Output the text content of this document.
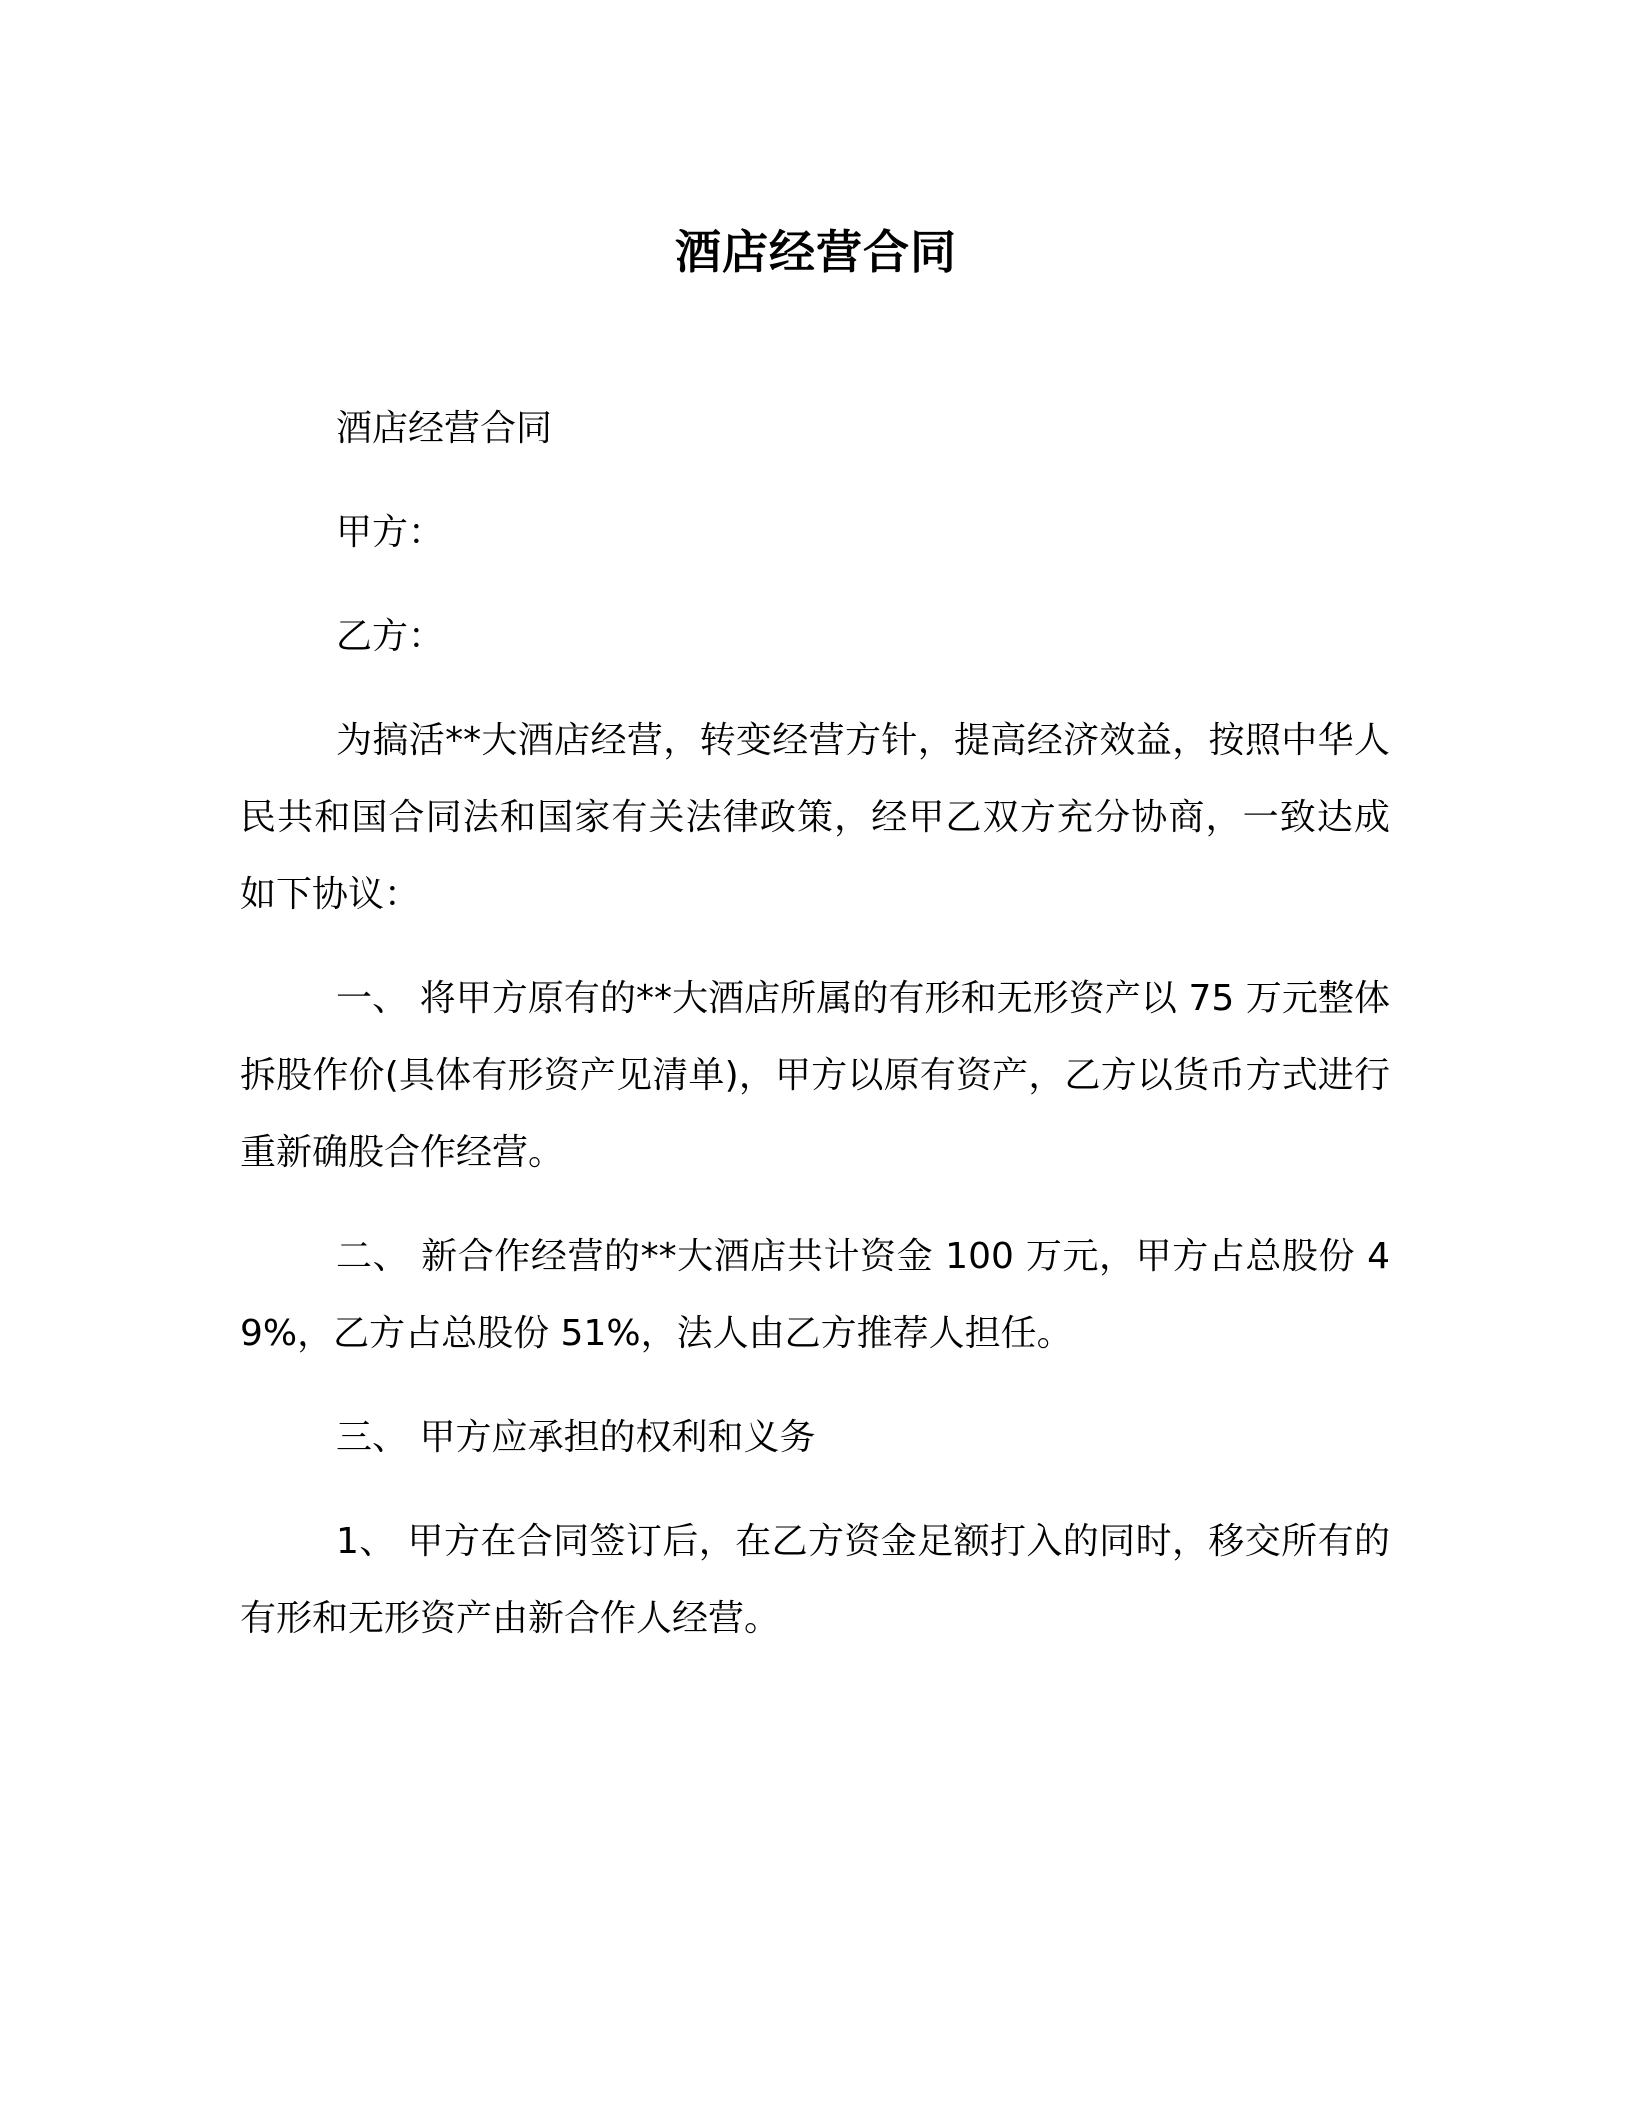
酒店经营合同

酒店经营合同

甲方：

乙方：

为搞活**大酒店经营，转变经营方针，提高经济效益，按照中华人民共和国合同法和国家有关法律政策，经甲乙双方充分协商，一致达成如下协议：

一、 将甲方原有的**大酒店所属的有形和无形资产以 75 万元整体拆股作价(具体有形资产见清单)，甲方以原有资产，乙方以货币方式进行重新确股合作经营。

二、 新合作经营的**大酒店共计资金 100 万元，甲方占总股份 49%，乙方占总股份 51%，法人由乙方推荐人担任。

三、 甲方应承担的权利和义务

1、 甲方在合同签订后，在乙方资金足额打入的同时，移交所有的有形和无形资产由新合作人经营。
